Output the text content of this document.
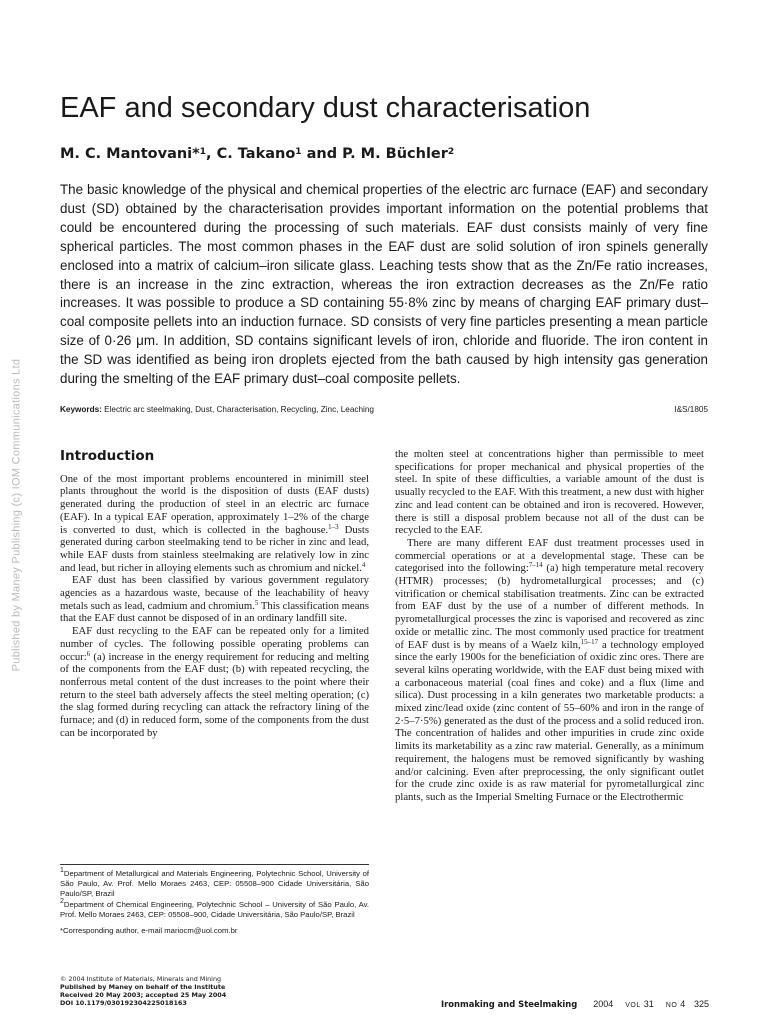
Published by Maney Publishing (c) IOM Communications Ltd
EAF and secondary dust characterisation
M. C. Mantovani*$^1$, C. Takano$^1$ and P. M. Büchler$^2$

The basic knowledge of the physical and chemical properties of the electric arc furnace (EAF) and secondary dust (SD) obtained by the characterisation provides important information on the potential problems that could be encountered during the processing of such materials. EAF dust consists mainly of very fine spherical particles. The most common phases in the EAF dust are solid solution of iron spinels generally enclosed into a matrix of calcium–iron silicate glass. Leaching tests show that as the Zn/Fe ratio increases, there is an increase in the zinc extraction, whereas the iron extraction decreases as the Zn/Fe ratio increases. It was possible to produce a SD containing 55·8% zinc by means of charging EAF primary dust–coal composite pellets into an induction furnace. SD consists of very fine particles presenting a mean particle size of 0·26 μm. In addition, SD contains significant levels of iron, chloride and fluoride. The iron content in the SD was identified as being iron droplets ejected from the bath caused by high intensity gas generation during the smelting of the EAF primary dust–coal composite pellets.

Keywords: Electric arc steelmaking, Dust, Characterisation, Recycling, Zinc, Leaching	I&S/1805
Introduction

One of the most important problems encountered in minimill steel plants throughout the world is the disposition of dusts (EAF dusts) generated during the production of steel in an electric arc furnace (EAF). In a typical EAF operation, approximately 1–2% of the charge is converted to dust, which is collected in the baghouse.$^{1-3}$ Dusts generated during carbon steelmaking tend to be richer in zinc and lead, while EAF dusts from stainless steelmaking are relatively low in zinc and lead, but richer in alloying elements such as chromium and nickel.$^4$

EAF dust has been classified by various government regulatory agencies as a hazardous waste, because of the leachability of heavy metals such as lead, cadmium and chromium.$^5$ This classification means that the EAF dust cannot be disposed of in an ordinary landfill site.

EAF dust recycling to the EAF can be repeated only for a limited number of cycles. The following possible operating problems can occur:$^6$ (a) increase in the energy requirement for reducing and melting of the components from the EAF dust; (b) with repeated recycling, the nonferrous metal content of the dust increases to the point where their return to the steel bath adversely affects the steel melting operation; (c) the slag formed during recycling can attack the refractory lining of the furnace; and (d) in reduced form, some of the components from the dust can be incorporated by

the molten steel at concentrations higher than permissible to meet specifications for proper mechanical and physical properties of the steel. In spite of these difficulties, a variable amount of the dust is usually recycled to the EAF. With this treatment, a new dust with higher zinc and lead content can be obtained and iron is recovered. However, there is still a disposal problem because not all of the dust can be recycled to the EAF.

There are many different EAF dust treatment processes used in commercial operations or at a developmental stage. These can be categorised into the following:$^{7-14}$ (a) high temperature metal recovery (HTMR) processes; (b) hydrometallurgical processes; and (c) vitrification or chemical stabilisation treatments. Zinc can be extracted from EAF dust by the use of a number of different methods. In pyrometallurgical processes the zinc is vaporised and recovered as zinc oxide or metallic zinc. The most commonly used practice for treatment of EAF dust is by means of a Waelz kiln,$^{15-17}$ a technology employed since the early 1900s for the beneficiation of oxidic zinc ores. There are several kilns operating worldwide, with the EAF dust being mixed with a carbonaceous material (coal fines and coke) and a flux (lime and silica). Dust processing in a kiln generates two marketable products: a mixed zinc/lead oxide (zinc content of 55–60% and iron in the range of 2·5–7·5%) generated as the dust of the process and a solid reduced iron. The concentration of halides and other impurities in crude zinc oxide limits its marketability as a zinc raw material. Generally, as a minimum requirement, the halogens must be removed significantly by washing and/or calcining. Even after preprocessing, the only significant outlet for the crude zinc oxide is as raw material for pyrometallurgical zinc plants, such as the Imperial Smelting Furnace or the Electrothermic

$^1$Department of Metallurgical and Materials Engineering, Polytechnic School, University of São Paulo, Av. Prof. Mello Moraes 2463, CEP: 05508–900 Cidade Universitária, São Paulo/SP, Brazil

$^2$Department of Chemical Engineering, Polytechnic School – University of São Paulo, Av. Prof. Mello Moraes 2463, CEP: 05508–900, Cidade Universitária, São Paulo/SP, Brazil

*Corresponding author, e-mail mariocm@uol.com.br

© 2004 Institute of Materials, Minerals and Mining
Published by Maney on behalf of the Institute
Received 20 May 2003; accepted 25 May 2004
DOI 10.1179/030192304225018163	Ironmaking and Steelmaking 2004 VOL 31 NO 4 325
